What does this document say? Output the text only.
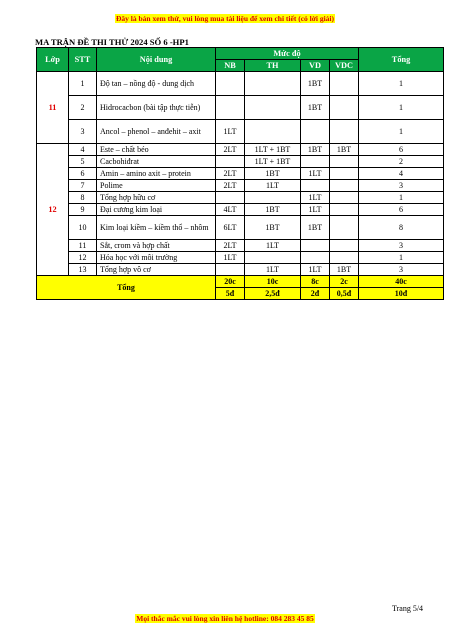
Đây là bản xem thử, vui lòng mua tài liệu để xem chi tiết (có lời giải)
MA TRẬN ĐỀ THI THỬ 2024 SỐ 6 -HP1
Lớp	STT	Nội dung	Mức độ				Tổng
			NB	TH	VD	VDC	
11	1	Độ tan – nồng độ - dung dịch			1BT		1
	2	Hidrocacbon (bài tập thực tiễn)			1BT		1
	3	Ancol – phenol – anđehit – axit	1LT				1
12	4	Este – chất béo	2LT	1LT + 1BT	1BT	1BT	6
	5	Cacbohiđrat		1LT + 1BT			2
	6	Amin – amino axit – protein	2LT	1BT	1LT		4
	7	Polime	2LT	1LT			3
	8	Tổng hợp hữu cơ			1LT		1
	9	Đại cương kim loại	4LT	1BT	1LT		6
	10	Kim loại kiềm – kiềm thổ – nhôm	6LT	1BT	1BT		8
	11	Sắt, crom và hợp chất	2LT	1LT			3
	12	Hóa học với môi trường	1LT				1
	13	Tổng hợp vô cơ		1LT	1LT	1BT	3
Tổng			20c	10c	8c	2c	40c
			5đ	2,5đ	2đ	0,5đ	10đ
Trang 5/4
Mọi thắc mắc vui lòng xin liên hệ hotline: 084 283 45 85
